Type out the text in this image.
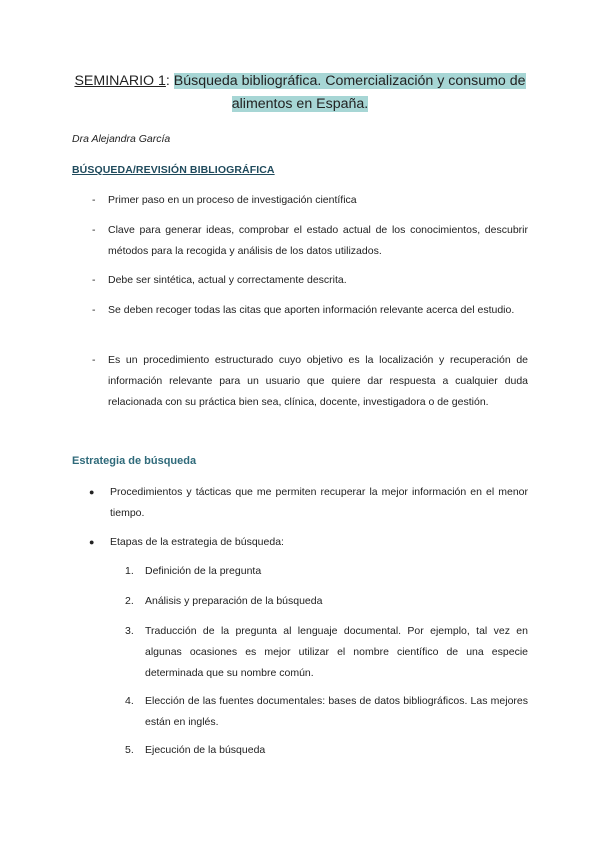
SEMINARIO 1: Búsqueda bibliográfica. Comercialización y consumo de alimentos en España.
Dra Alejandra García
BÚSQUEDA/REVISIÓN BIBLIOGRÁFICA
- Primer paso en un proceso de investigación científica
- Clave para generar ideas, comprobar el estado actual de los conocimientos, descubrir métodos para la recogida y análisis de los datos utilizados.
- Debe ser sintética, actual y correctamente descrita.
- Se deben recoger todas las citas que aporten información relevante acerca del estudio.
- Es un procedimiento estructurado cuyo objetivo es la localización y recuperación de información relevante para un usuario que quiere dar respuesta a cualquier duda relacionada con su práctica bien sea, clínica, docente, investigadora o de gestión.
Estrategia de búsqueda
● Procedimientos y tácticas que me permiten recuperar la mejor información en el menor tiempo.
● Etapas de la estrategia de búsqueda:
1. Definición de la pregunta
2. Análisis y preparación de la búsqueda
3. Traducción de la pregunta al lenguaje documental. Por ejemplo, tal vez en algunas ocasiones es mejor utilizar el nombre científico de una especie determinada que su nombre común.
4. Elección de las fuentes documentales: bases de datos bibliográficos. Las mejores están en inglés.
5. Ejecución de la búsqueda
